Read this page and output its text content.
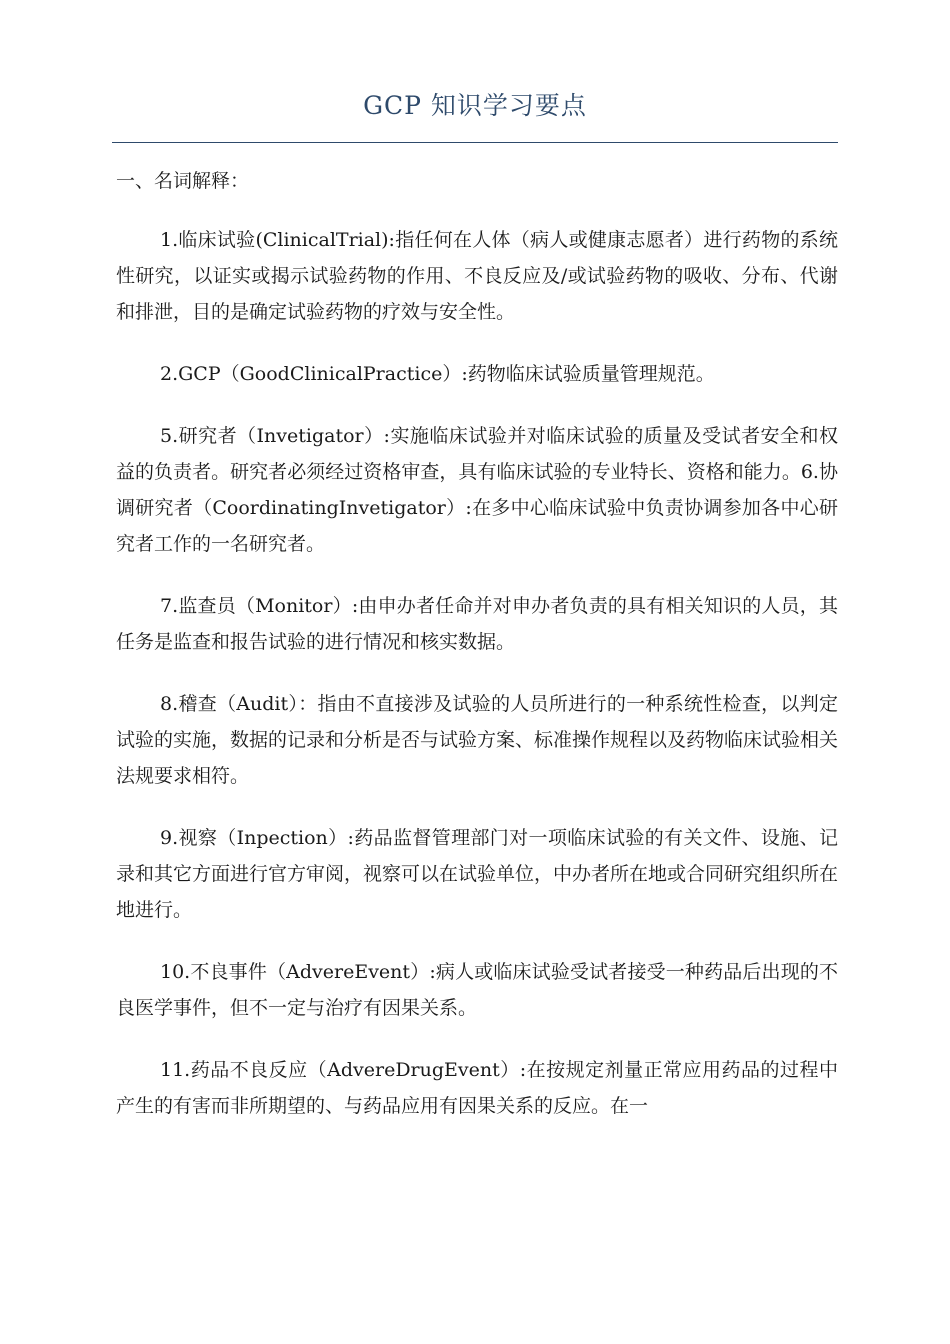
GCP 知识学习要点
一、名词解释：

1.临床试验(ClinicalTrial):指任何在人体（病人或健康志愿者）进行药物的系统性研究，以证实或揭示试验药物的作用、不良反应及/或试验药物的吸收、分布、代谢和排泄，目的是确定试验药物的疗效与安全性。

2.GCP（GoodClinicalPractice）:药物临床试验质量管理规范。

5.研究者（Invetigator）:实施临床试验并对临床试验的质量及受试者安全和权益的负责者。研究者必须经过资格审查，具有临床试验的专业特长、资格和能力。6.协调研究者（CoordinatingInvetigator）:在多中心临床试验中负责协调参加各中心研究者工作的一名研究者。

7.监查员（Monitor）:由申办者任命并对申办者负责的具有相关知识的人员，其任务是监查和报告试验的进行情况和核实数据。

8.稽查（Audit）：指由不直接涉及试验的人员所进行的一种系统性检查，以判定试验的实施，数据的记录和分析是否与试验方案、标准操作规程以及药物临床试验相关法规要求相符。

9.视察（Inpection）:药品监督管理部门对一项临床试验的有关文件、设施、记录和其它方面进行官方审阅，视察可以在试验单位，中办者所在地或合同研究组织所在地进行。

10.不良事件（AdvereEvent）:病人或临床试验受试者接受一种药品后出现的不良医学事件，但不一定与治疗有因果关系。

11.药品不良反应（AdvereDrugEvent）:在按规定剂量正常应用药品的过程中产生的有害而非所期望的、与药品应用有因果关系的反应。在一
